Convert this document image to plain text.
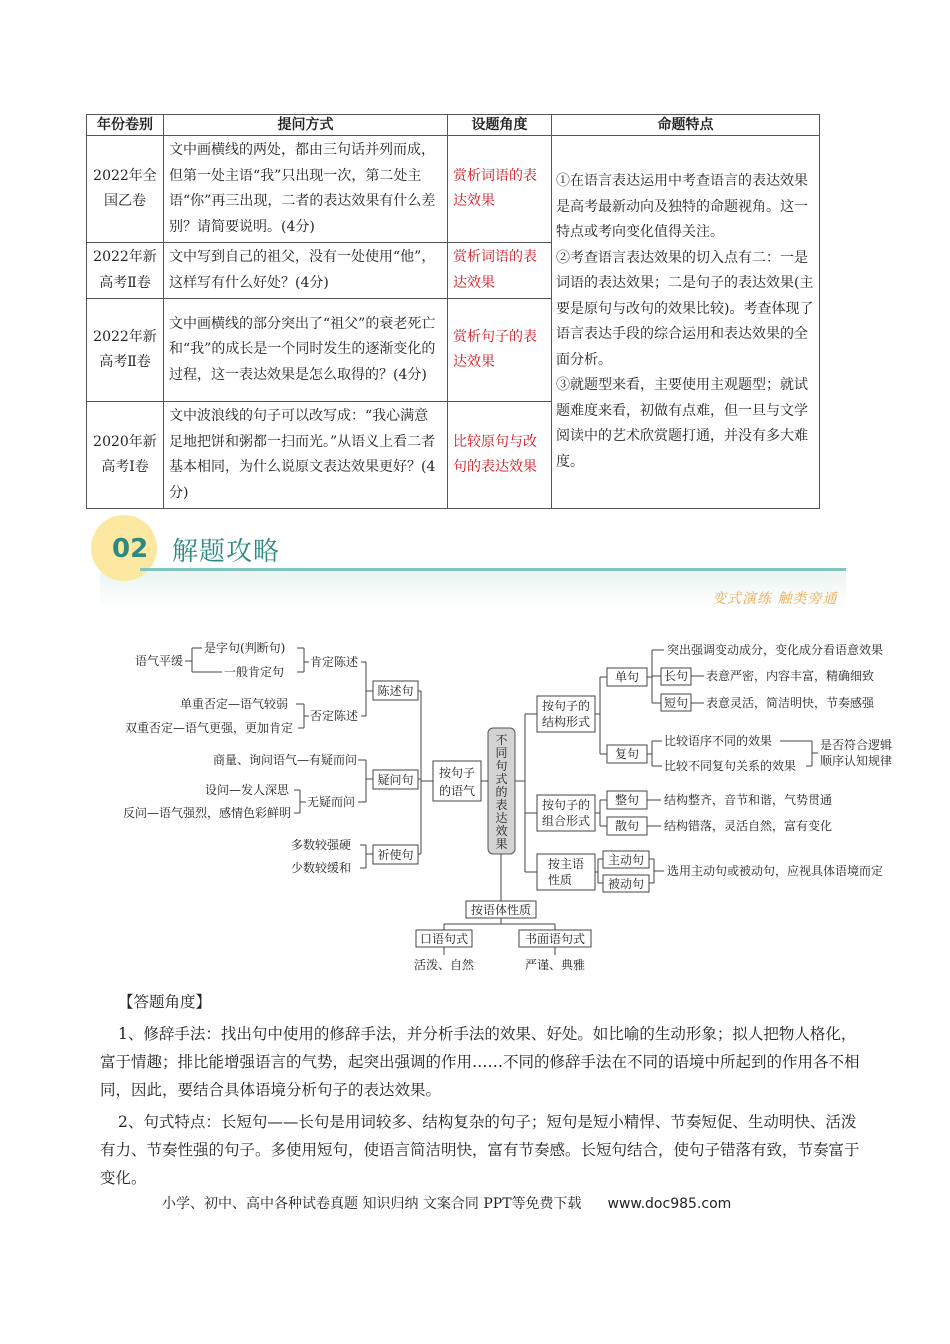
年份卷别	提问方式	设题角度	命题特点
2022年全国乙卷	文中画横线的两处，都由三句话并列而成，但第一处主语“我”只出现一次，第二处主语“你”再三出现，二者的表达效果有什么差别？请简要说明。(4分)	赏析词语的表达效果	①在语言表达运用中考查语言的表达效果是高考最新动向及独特的命题视角。这一特点或考向变化值得关注。
②考查语言表达效果的切入点有二：一是词语的表达效果；二是句子的表达效果(主要是原句与改句的效果比较)。考查体现了语言表达手段的综合运用和表达效果的全面分析。
③就题型来看，主要使用主观题型；就试题难度来看，初做有点难，但一旦与文学阅读中的艺术欣赏题打通，并没有多大难度。

2022年新高考Ⅱ卷	文中写到自己的祖父，没有一处使用“他”，这样写有什么好处？(4分)	赏析词语的表达效果	
2022年新高考Ⅱ卷	文中画横线的部分突出了“祖父”的衰老死亡和“我”的成长是一个同时发生的逐渐变化的过程，这一表达效果是怎么取得的？(4分)	赏析句子的表达效果	
2020年新高考Ⅰ卷	文中波浪线的句子可以改写成：“我心满意足地把饼和粥都一扫而光。”从语义上看二者基本相同，为什么说原文表达效果更好？(4分)	比较原句与改句的表达效果	
02 解题攻略
变式演练 触类旁通
不
同
句
式
的
表
达
效
果
按句子
的语气
陈述句
疑问句
祈使句
肯定陈述
是字句(判断句)
一般肯定句
语气平缓
否定陈述
单重否定—语气较弱
双重否定—语气更强，更加肯定
商量、询问语气—有疑而问
无疑而问
设问—发人深思
反问—语气强烈，感情色彩鲜明
多数较强硬
少数较缓和
按句子的
结构形式
按句子的
组合形式
按主语
性质
单句
突出强调变动成分，变化成分看语意效果
长句 表意严密，内容丰富，精确细致
短句 表意灵活，简洁明快，节奏感强
复句
比较语序不同的效果
比较不同复句关系的效果
是否符合逻辑
顺序认知规律
整句 结构整齐，音节和谐，气势贯通
散句 结构错落，灵活自然，富有变化
主动句
被动句
选用主动句或被动句，应视具体语境而定
按语体性质
口语句式	书面语句式
活泼、自然	严谨、典雅
【答题角度】
1、修辞手法：找出句中使用的修辞手法，并分析手法的效果、好处。如比喻的生动形象；拟人把物人格化，富于情趣；排比能增强语言的气势，起突出强调的作用……不同的修辞手法在不同的语境中所起到的作用各不相同，因此，要结合具体语境分析句子的表达效果。
2、句式特点：长短句——长句是用词较多、结构复杂的句子；短句是短小精悍、节奏短促、生动明快、活泼有力、节奏性强的句子。多使用短句，使语言简洁明快，富有节奏感。长短句结合，使句子错落有致，节奏富于变化。
小学、初中、高中各种试卷真题 知识归纳 文案合同 PPT等免费下载 www.doc985.com
